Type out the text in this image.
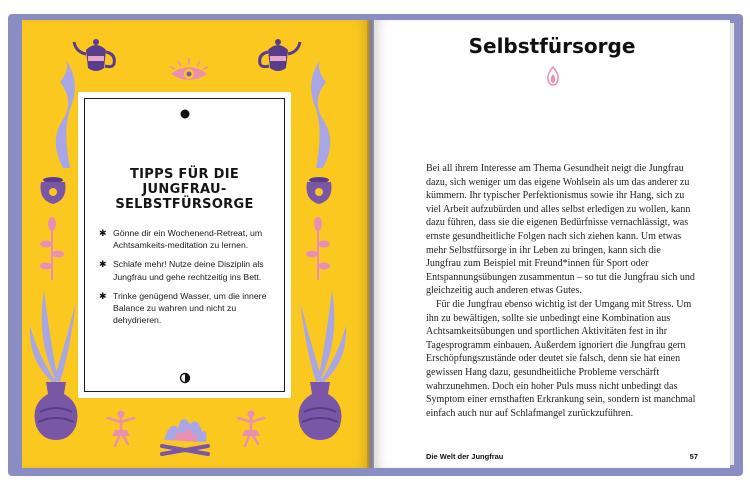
TIPPS FÜR DIE
JUNGFRAU-
SELBSTFÜRSORGE
✱ Gönne dir ein Wochenend-Retreat, um Achtsamkeits-meditation zu lernen.
✱ Schlafe mehr! Nutze deine Disziplin als Jungfrau und gehe rechtzeitig ins Bett.
✱ Trinke genügend Wasser, um die innere Balance zu wahren und nicht zu dehydrieren.
Selbstfürsorge

Bei all ihrem Interesse am Thema Gesundheit neigt die Jungfrau dazu, sich weniger um das eigene Wohlsein als um das anderer zu kümmern. Ihr typischer Perfektionismus sowie ihr Hang, sich zu viel Arbeit aufzubürden und alles selbst erledigen zu wollen, kann dazu führen, dass sie die eigenen Bedürfnisse vernachlässigt, was ernste gesundheitliche Folgen nach sich ziehen kann. Um etwas mehr Selbstfürsorge in ihr Leben zu bringen, kann sich die Jungfrau zum Beispiel mit Freund*innen für Sport oder Entspannungsübungen zusammentun – so tut die Jungfrau sich und gleichzeitig auch anderen etwas Gutes.

Für die Jungfrau ebenso wichtig ist der Umgang mit Stress. Um ihn zu bewältigen, sollte sie unbedingt eine Kombination aus Achtsamkeitsübungen und sportlichen Aktivitäten fest in ihr Tagesprogramm einbauen. Außerdem ignoriert die Jungfrau gern Erschöpfungszustände oder deutet sie falsch, denn sie hat einen gewissen Hang dazu, gesundheitliche Probleme verschärft wahrzunehmen. Doch ein hoher Puls muss nicht unbedingt das Symptom einer ernsthaften Erkrankung sein, sondern ist manchmal einfach auch nur auf Schlafmangel zurückzuführen.

Die Welt der Jungfrau	57
